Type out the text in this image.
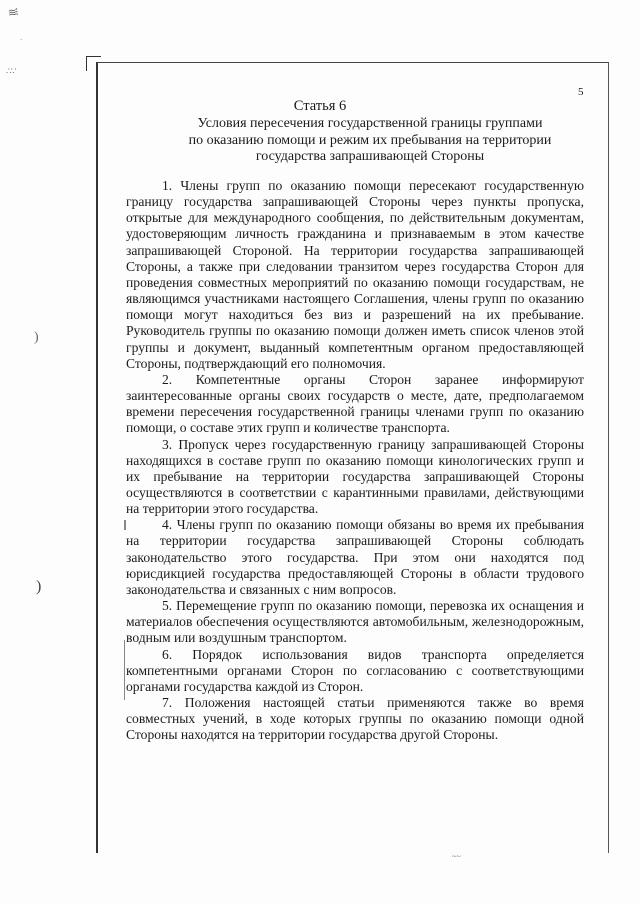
≋⁝
·
∴∵
)
)
~~
5
Статья 6
Условия пересечения государственной границы группами
по оказанию помощи и режим их пребывания на территории
государства запрашивающей Стороны

1. Члены групп по оказанию помощи пересекают государственную границу государства запрашивающей Стороны через пункты пропуска, открытые для международного сообщения, по действительным документам, удостоверяющим личность гражданина и признаваемым в этом качестве запрашивающей Стороной. На территории государства запрашивающей Стороны, а также при следовании транзитом через государства Сторон для проведения совместных мероприятий по оказанию помощи государствам, не являющимся участниками настоящего Соглашения, члены групп по оказанию помощи могут находиться без виз и разрешений на их пребывание. Руководитель группы по оказанию помощи должен иметь список членов этой группы и документ, выданный компетентным органом предоставляющей Стороны, подтверждающий его полномочия.

2. Компетентные органы Сторон заранее информируют заинтересованные органы своих государств о месте, дате, предполагаемом времени пересечения государственной границы членами групп по оказанию помощи, о составе этих групп и количестве транспорта.

3. Пропуск через государственную границу запрашивающей Стороны находящихся в составе групп по оказанию помощи кинологических групп и их пребывание на территории государства запрашивающей Стороны осуществляются в соответствии с карантинными правилами, действующими на территории этого государства.

4. Члены групп по оказанию помощи обязаны во время их пребывания на территории государства запрашивающей Стороны соблюдать законодательство этого государства. При этом они находятся под юрисдикцией государства предоставляющей Стороны в области трудового законодательства и связанных с ним вопросов.

5. Перемещение групп по оказанию помощи, перевозка их оснащения и материалов обеспечения осуществляются автомобильным, железнодорожным, водным или воздушным транспортом.

6. Порядок использования видов транспорта определяется компетентными органами Сторон по согласованию с соответствующими органами государства каждой из Сторон.

7. Положения настоящей статьи применяются также во время совместных учений, в ходе которых группы по оказанию помощи одной Стороны находятся на территории государства другой Стороны.
